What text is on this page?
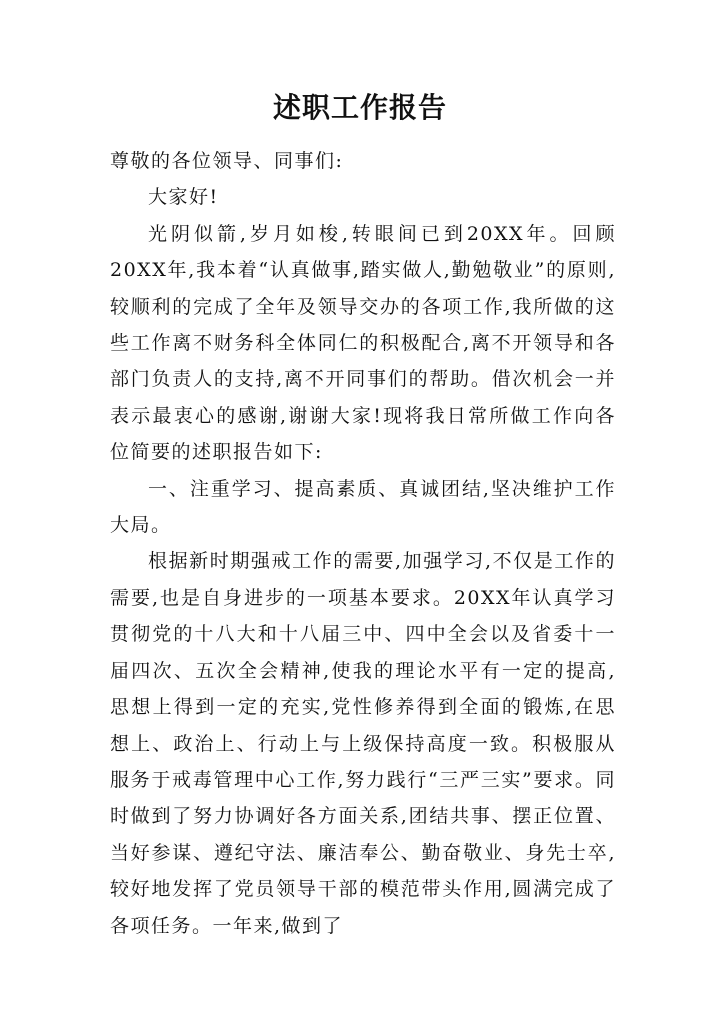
述职工作报告

尊敬的各位领导、同事们:

大家好!

光阴似箭,岁月如梭,转眼间已到20XX年。回顾20XX年,我本着“认真做事,踏实做人,勤勉敬业”的原则,较顺利的完成了全年及领导交办的各项工作,我所做的这些工作离不财务科全体同仁的积极配合,离不开领导和各部门负责人的支持,离不开同事们的帮助。借次机会一并表示最衷心的感谢,谢谢大家!现将我日常所做工作向各位简要的述职报告如下:

一、注重学习、提高素质、真诚团结,坚决维护工作大局。

根据新时期强戒工作的需要,加强学习,不仅是工作的需要,也是自身进步的一项基本要求。20XX年认真学习贯彻党的十八大和十八届三中、四中全会以及省委十一届四次、五次全会精神,使我的理论水平有一定的提高,思想上得到一定的充实,党性修养得到全面的锻炼,在思想上、政治上、行动上与上级保持高度一致。积极服从服务于戒毒管理中心工作,努力践行“三严三实”要求。同时做到了努力协调好各方面关系,团结共事、摆正位置、当好参谋、遵纪守法、廉洁奉公、勤奋敬业、身先士卒,较好地发挥了党员领导干部的模范带头作用,圆满完成了各项任务。一年来,做到了
